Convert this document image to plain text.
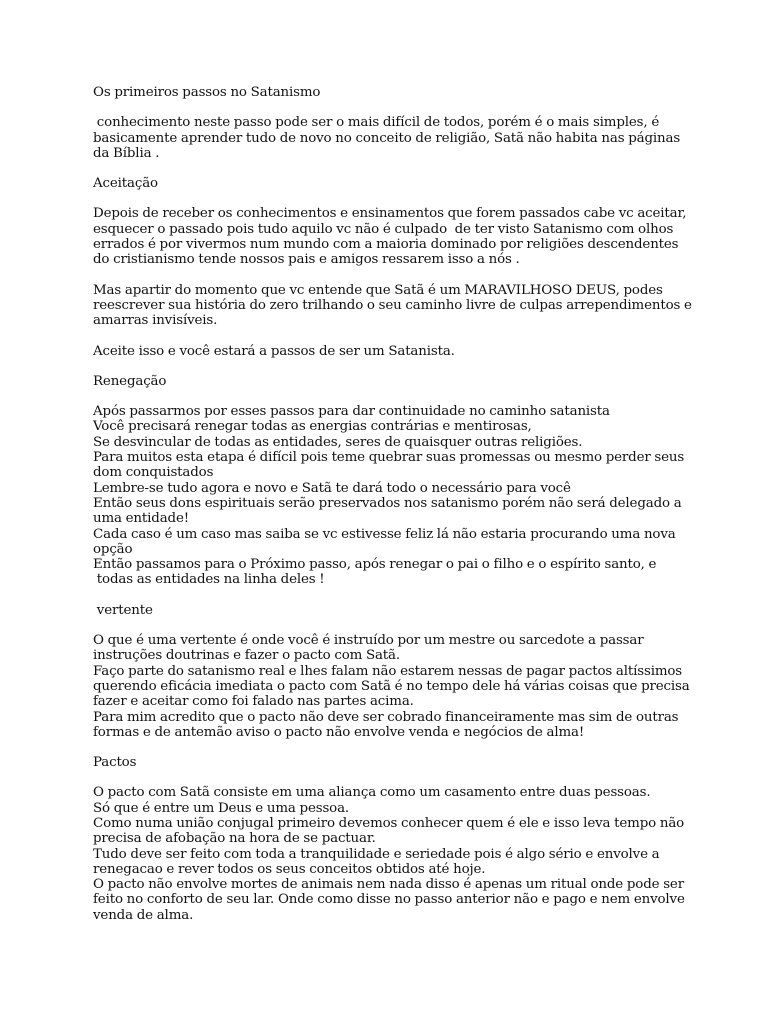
Os primeiros passos no Satanismo
conhecimento neste passo pode ser o mais difícil de todos, porém é o mais simples, é
basicamente aprender tudo de novo no conceito de religião, Satã não habita nas páginas
da Bíblia .
Aceitação
Depois de receber os conhecimentos e ensinamentos que forem passados cabe vc aceitar,
esquecer o passado pois tudo aquilo vc não é culpado  de ter visto Satanismo com olhos
errados é por vivermos num mundo com a maioria dominado por religiões descendentes
do cristianismo tende nossos pais e amigos ressarem isso a nós .
Mas apartir do momento que vc entende que Satã é um MARAVILHOSO DEUS, podes
reescrever sua história do zero trilhando o seu caminho livre de culpas arrependimentos e
amarras invisíveis.
Aceite isso e você estará a passos de ser um Satanista.
Renegação
Após passarmos por esses passos para dar continuidade no caminho satanista
Você precisará renegar todas as energias contrárias e mentirosas,
Se desvincular de todas as entidades, seres de quaisquer outras religiões.
Para muitos esta etapa é difícil pois teme quebrar suas promessas ou mesmo perder seus
dom conquistados
Lembre-se tudo agora e novo e Satã te dará todo o necessário para você
Então seus dons espirituais serão preservados nos satanismo porém não será delegado a
uma entidade!
Cada caso é um caso mas saiba se vc estivesse feliz lá não estaria procurando uma nova
opção
Então passamos para o Próximo passo, após renegar o pai o filho e o espírito santo, e
todas as entidades na linha deles !
vertente
O que é uma vertente é onde você é instruído por um mestre ou sarcedote a passar
instruções doutrinas e fazer o pacto com Satã.
Faço parte do satanismo real e lhes falam não estarem nessas de pagar pactos altíssimos
querendo eficácia imediata o pacto com Satã é no tempo dele há várias coisas que precisa
fazer e aceitar como foi falado nas partes acima.
Para mim acredito que o pacto não deve ser cobrado financeiramente mas sim de outras
formas e de antemão aviso o pacto não envolve venda e negócios de alma!
Pactos
O pacto com Satã consiste em uma aliança como um casamento entre duas pessoas.
Só que é entre um Deus e uma pessoa.
Como numa união conjugal primeiro devemos conhecer quem é ele e isso leva tempo não
precisa de afobação na hora de se pactuar.
Tudo deve ser feito com toda a tranquilidade e seriedade pois é algo sério e envolve a
renegacao e rever todos os seus conceitos obtidos até hoje.
O pacto não envolve mortes de animais nem nada disso é apenas um ritual onde pode ser
feito no conforto de seu lar. Onde como disse no passo anterior não e pago e nem envolve
venda de alma.
